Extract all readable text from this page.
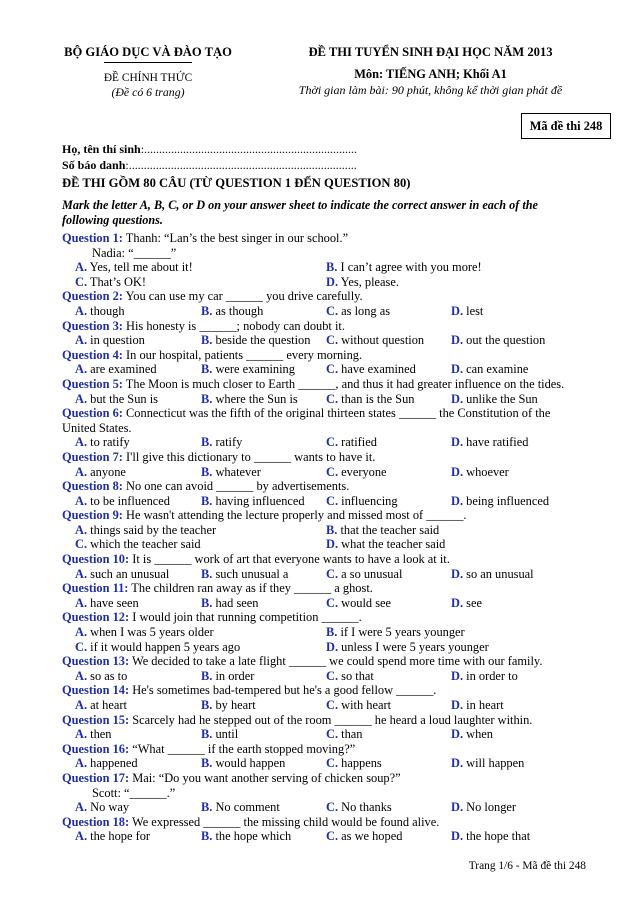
BỘ GIÁO DỤC VÀ ĐÀO TẠO
ĐỀ CHÍNH THỨC
(Đề có 6 trang)
ĐỀ THI TUYỂN SINH ĐẠI HỌC NĂM 2013
Môn: TIẾNG ANH; Khối A1
Thời gian làm bài: 90 phút, không kể thời gian phát đề
Mã đề thi 248
Họ, tên thí sinh:.......................................................................
Số báo danh:............................................................................
ĐỀ THI GỒM 80 CÂU (TỪ QUESTION 1 ĐẾN QUESTION 80)
Mark the letter A, B, C, or D on your answer sheet to indicate the correct answer in each of the following questions.
Question 1: Thanh: “Lan’s the best singer in our school.”
Nadia: “______”
A. Yes, tell me about it!	B. I can’t agree with you more!
C. That’s OK!	D. Yes, please.
Question 2: You can use my car ______ you drive carefully.
A. though	B. as though	C. as long as	D. lest
Question 3: His honesty is ______; nobody can doubt it.
A. in question	B. beside the question C. without question D. out the question
Question 4: In our hospital, patients ______ every morning.
A. are examined	B. were examining	C. have examined	D. can examine
Question 5: The Moon is much closer to Earth ______, and thus it had greater influence on the tides.
A. but the Sun is	B. where the Sun is C. than is the Sun	D. unlike the Sun
Question 6: Connecticut was the fifth of the original thirteen states ______ the Constitution of the
United States.
A. to ratify	B. ratify	C. ratified	D. have ratified
Question 7: I'll give this dictionary to ______ wants to have it.
A. anyone	B. whatever	C. everyone	D. whoever
Question 8: No one can avoid ______ by advertisements.
A. to be influenced	B. having influenced C. influencing	D. being influenced
Question 9: He wasn't attending the lecture properly and missed most of ______.
A. things said by the teacher	B. that the teacher said
C. which the teacher said	D. what the teacher said
Question 10: It is ______ work of art that everyone wants to have a look at it.
A. such an unusual	B. such unusual a	C. a so unusual	D. so an unusual
Question 11: The children ran away as if they ______ a ghost.
A. have seen	B. had seen	C. would see	D. see
Question 12: I would join that running competition ______.
A. when I was 5 years older	B. if I were 5 years younger
C. if it would happen 5 years ago	D. unless I were 5 years younger
Question 13: We decided to take a late flight ______ we could spend more time with our family.
A. so as to	B. in order	C. so that	D. in order to
Question 14: He's sometimes bad-tempered but he's a good fellow ______.
A. at heart	B. by heart	C. with heart	D. in heart
Question 15: Scarcely had he stepped out of the room ______ he heard a loud laughter within.
A. then	B. until	C. than	D. when
Question 16: “What ______ if the earth stopped moving?”
A. happened	B. would happen	C. happens	D. will happen
Question 17: Mai: “Do you want another serving of chicken soup?”
Scott: “______.”
A. No way	B. No comment	C. No thanks	D. No longer
Question 18: We expressed ______ the missing child would be found alive.
A. the hope for	B. the hope which	C. as we hoped	D. the hope that
Trang 1/6 - Mã đề thi 248
